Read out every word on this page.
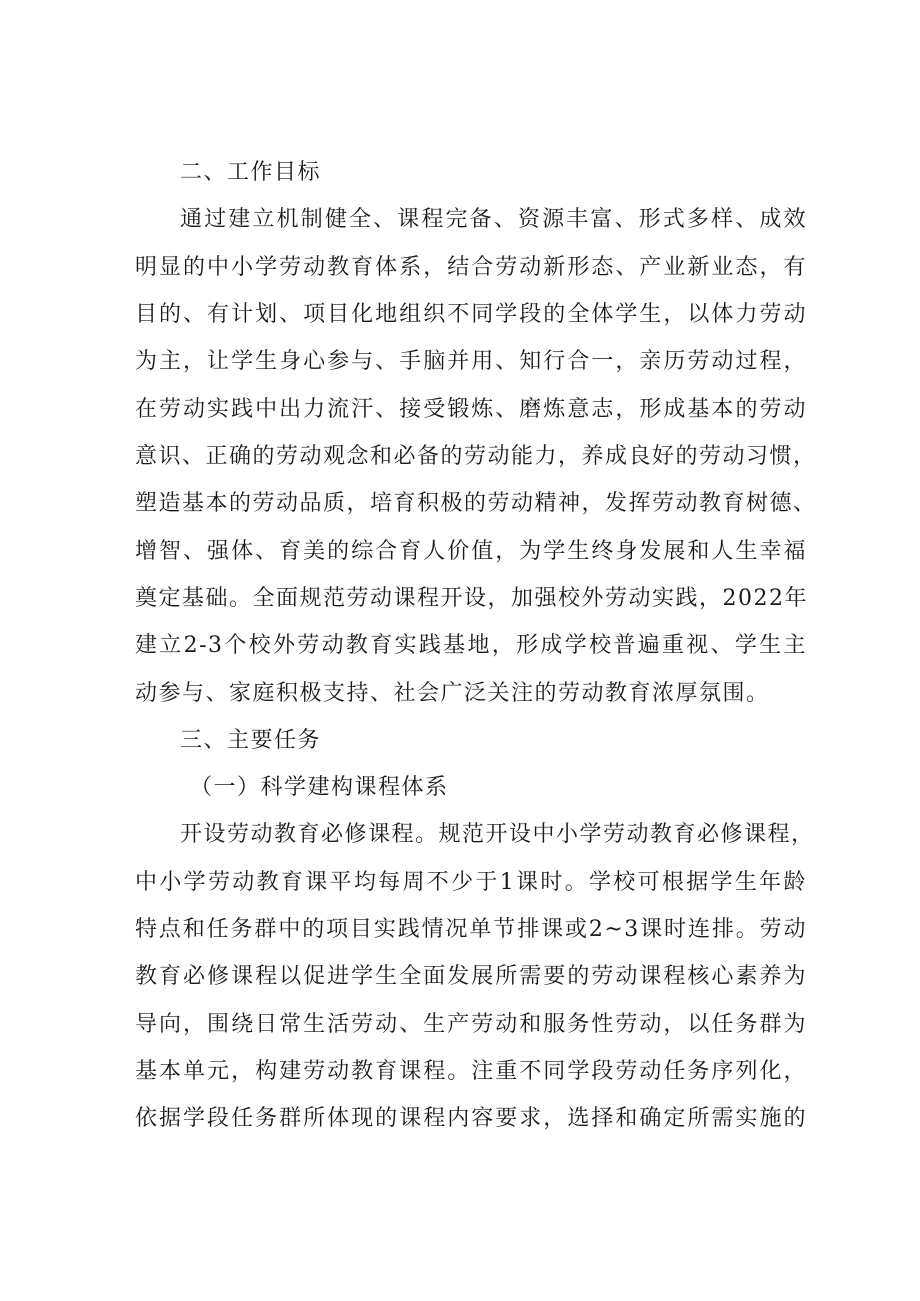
二、工作目标
通过建立机制健全、课程完备、资源丰富、形式多样、成效
明显的中小学劳动教育体系，结合劳动新形态、产业新业态，有
目的、有计划、项目化地组织不同学段的全体学生，以体力劳动
为主，让学生身心参与、手脑并用、知行合一，亲历劳动过程，
在劳动实践中出力流汗、接受锻炼、磨炼意志，形成基本的劳动
意识、正确的劳动观念和必备的劳动能力，养成良好的劳动习惯，
塑造基本的劳动品质，培育积极的劳动精神，发挥劳动教育树德、
增智、强体、育美的综合育人价值，为学生终身发展和人生幸福
奠定基础。全面规范劳动课程开设，加强校外劳动实践，2022年
建立2-3个校外劳动教育实践基地，形成学校普遍重视、学生主
动参与、家庭积极支持、社会广泛关注的劳动教育浓厚氛围。
三、主要任务
（一）科学建构课程体系
开设劳动教育必修课程。规范开设中小学劳动教育必修课程，
中小学劳动教育课平均每周不少于1课时。学校可根据学生年龄
特点和任务群中的项目实践情况单节排课或2~3课时连排。劳动
教育必修课程以促进学生全面发展所需要的劳动课程核心素养为
导向，围绕日常生活劳动、生产劳动和服务性劳动，以任务群为
基本单元，构建劳动教育课程。注重不同学段劳动任务序列化，
依据学段任务群所体现的课程内容要求，选择和确定所需实施的
